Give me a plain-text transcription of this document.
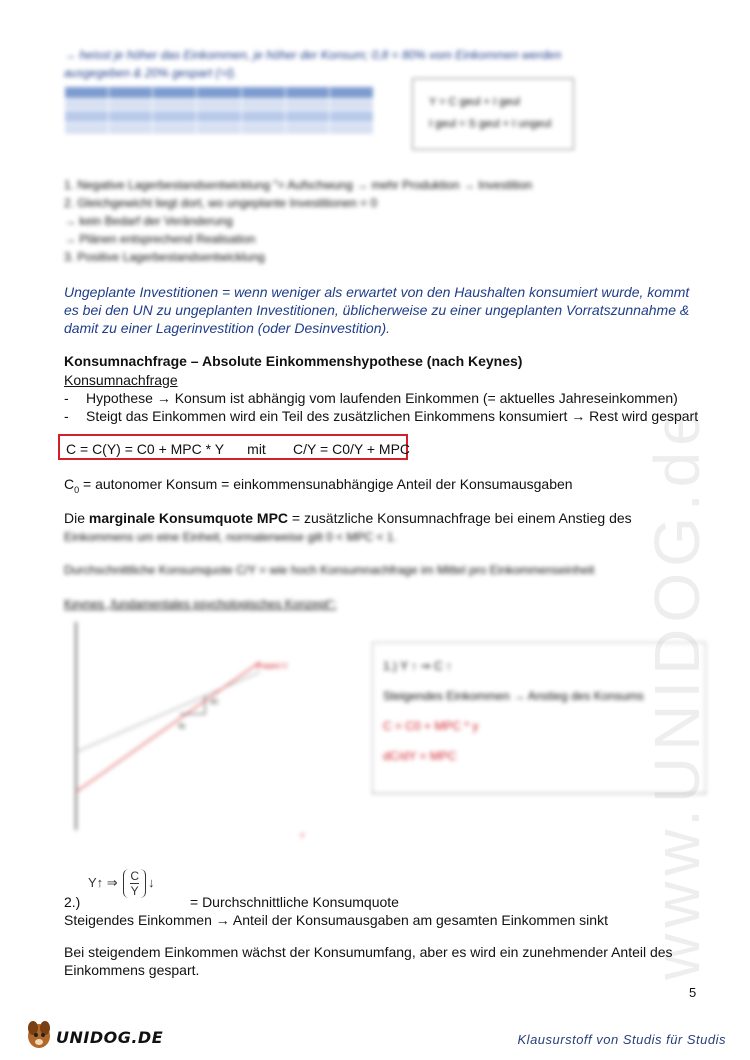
www.UNIDOG.de
→ heisst je höher das Einkommen, je höher der Konsum; 0,8 = 80% vom Einkommen werden
ausgegeben & 20% gespart (=I).

Y = C geul + I geul
I geul = S geul + I ungeul
1. Negative Lagerbestandsentwicklung "= Aufschwung → mehr Produktion → Investition
2. Gleichgewicht liegt dort, wo ungeplante Investitionen = 0
→ kein Bedarf der Veränderung
→ Plänen entsprechend Realisation
3. Positive Lagerbestandsentwicklung
Ungeplante Investitionen = wenn weniger als erwartet von den Haushalten konsumiert wurde, kommt es bei den UN zu ungeplanten Investitionen, üblicherweise zu einer ungeplanten Vorratszunnahme & damit zu einer Lagerinvestition (oder Desinvestition).
Konsumnachfrage – Absolute Einkommenshypothese (nach Keynes)
Konsumnachfrage
- Hypothese → Konsum ist abhängig vom laufenden Einkommen (= aktuelles Jahreseinkommen)
- Steigt das Einkommen wird ein Teil des zusätzlichen Einkommens konsumiert → Rest wird gespart
C = C(Y) = C0 + MPC * Y      mit       C/Y = C0/Y + MPC
$C_0$ = autonomer Konsum = einkommensunabhängige Anteil der Konsumausgaben
Die marginale Konsumquote MPC = zusätzliche Konsumnachfrage bei einem Anstieg des
Einkommens um eine Einheit, normalerweise gilt 0 < MPC < 1.
Durchschnittliche Konsumquote C/Y = wie hoch Konsumnachfrage im Mittel pro Einkommenseinheit
Keynes „fundamentales psychologisches Konzept“:
(Kappe) C
dC
dy
Y
1.) Y ↑ ⇒ C ↑
Steigendes Einkommen → Anstieg des Konsums
C = C0 + MPC * y
dC/dY = MPC
Y↑ ⇒ $\frac{C}{Y}$ ↓
2.)	= Durchschnittliche Konsumquote
Steigendes Einkommen → Anteil der Konsumausgaben am gesamten Einkommen sinkt
Bei steigendem Einkommen wächst der Konsumumfang, aber es wird ein zunehmender Anteil des Einkommens gespart.
5
UNIDOG.DE	Klausurstoff von Studis für Studis
